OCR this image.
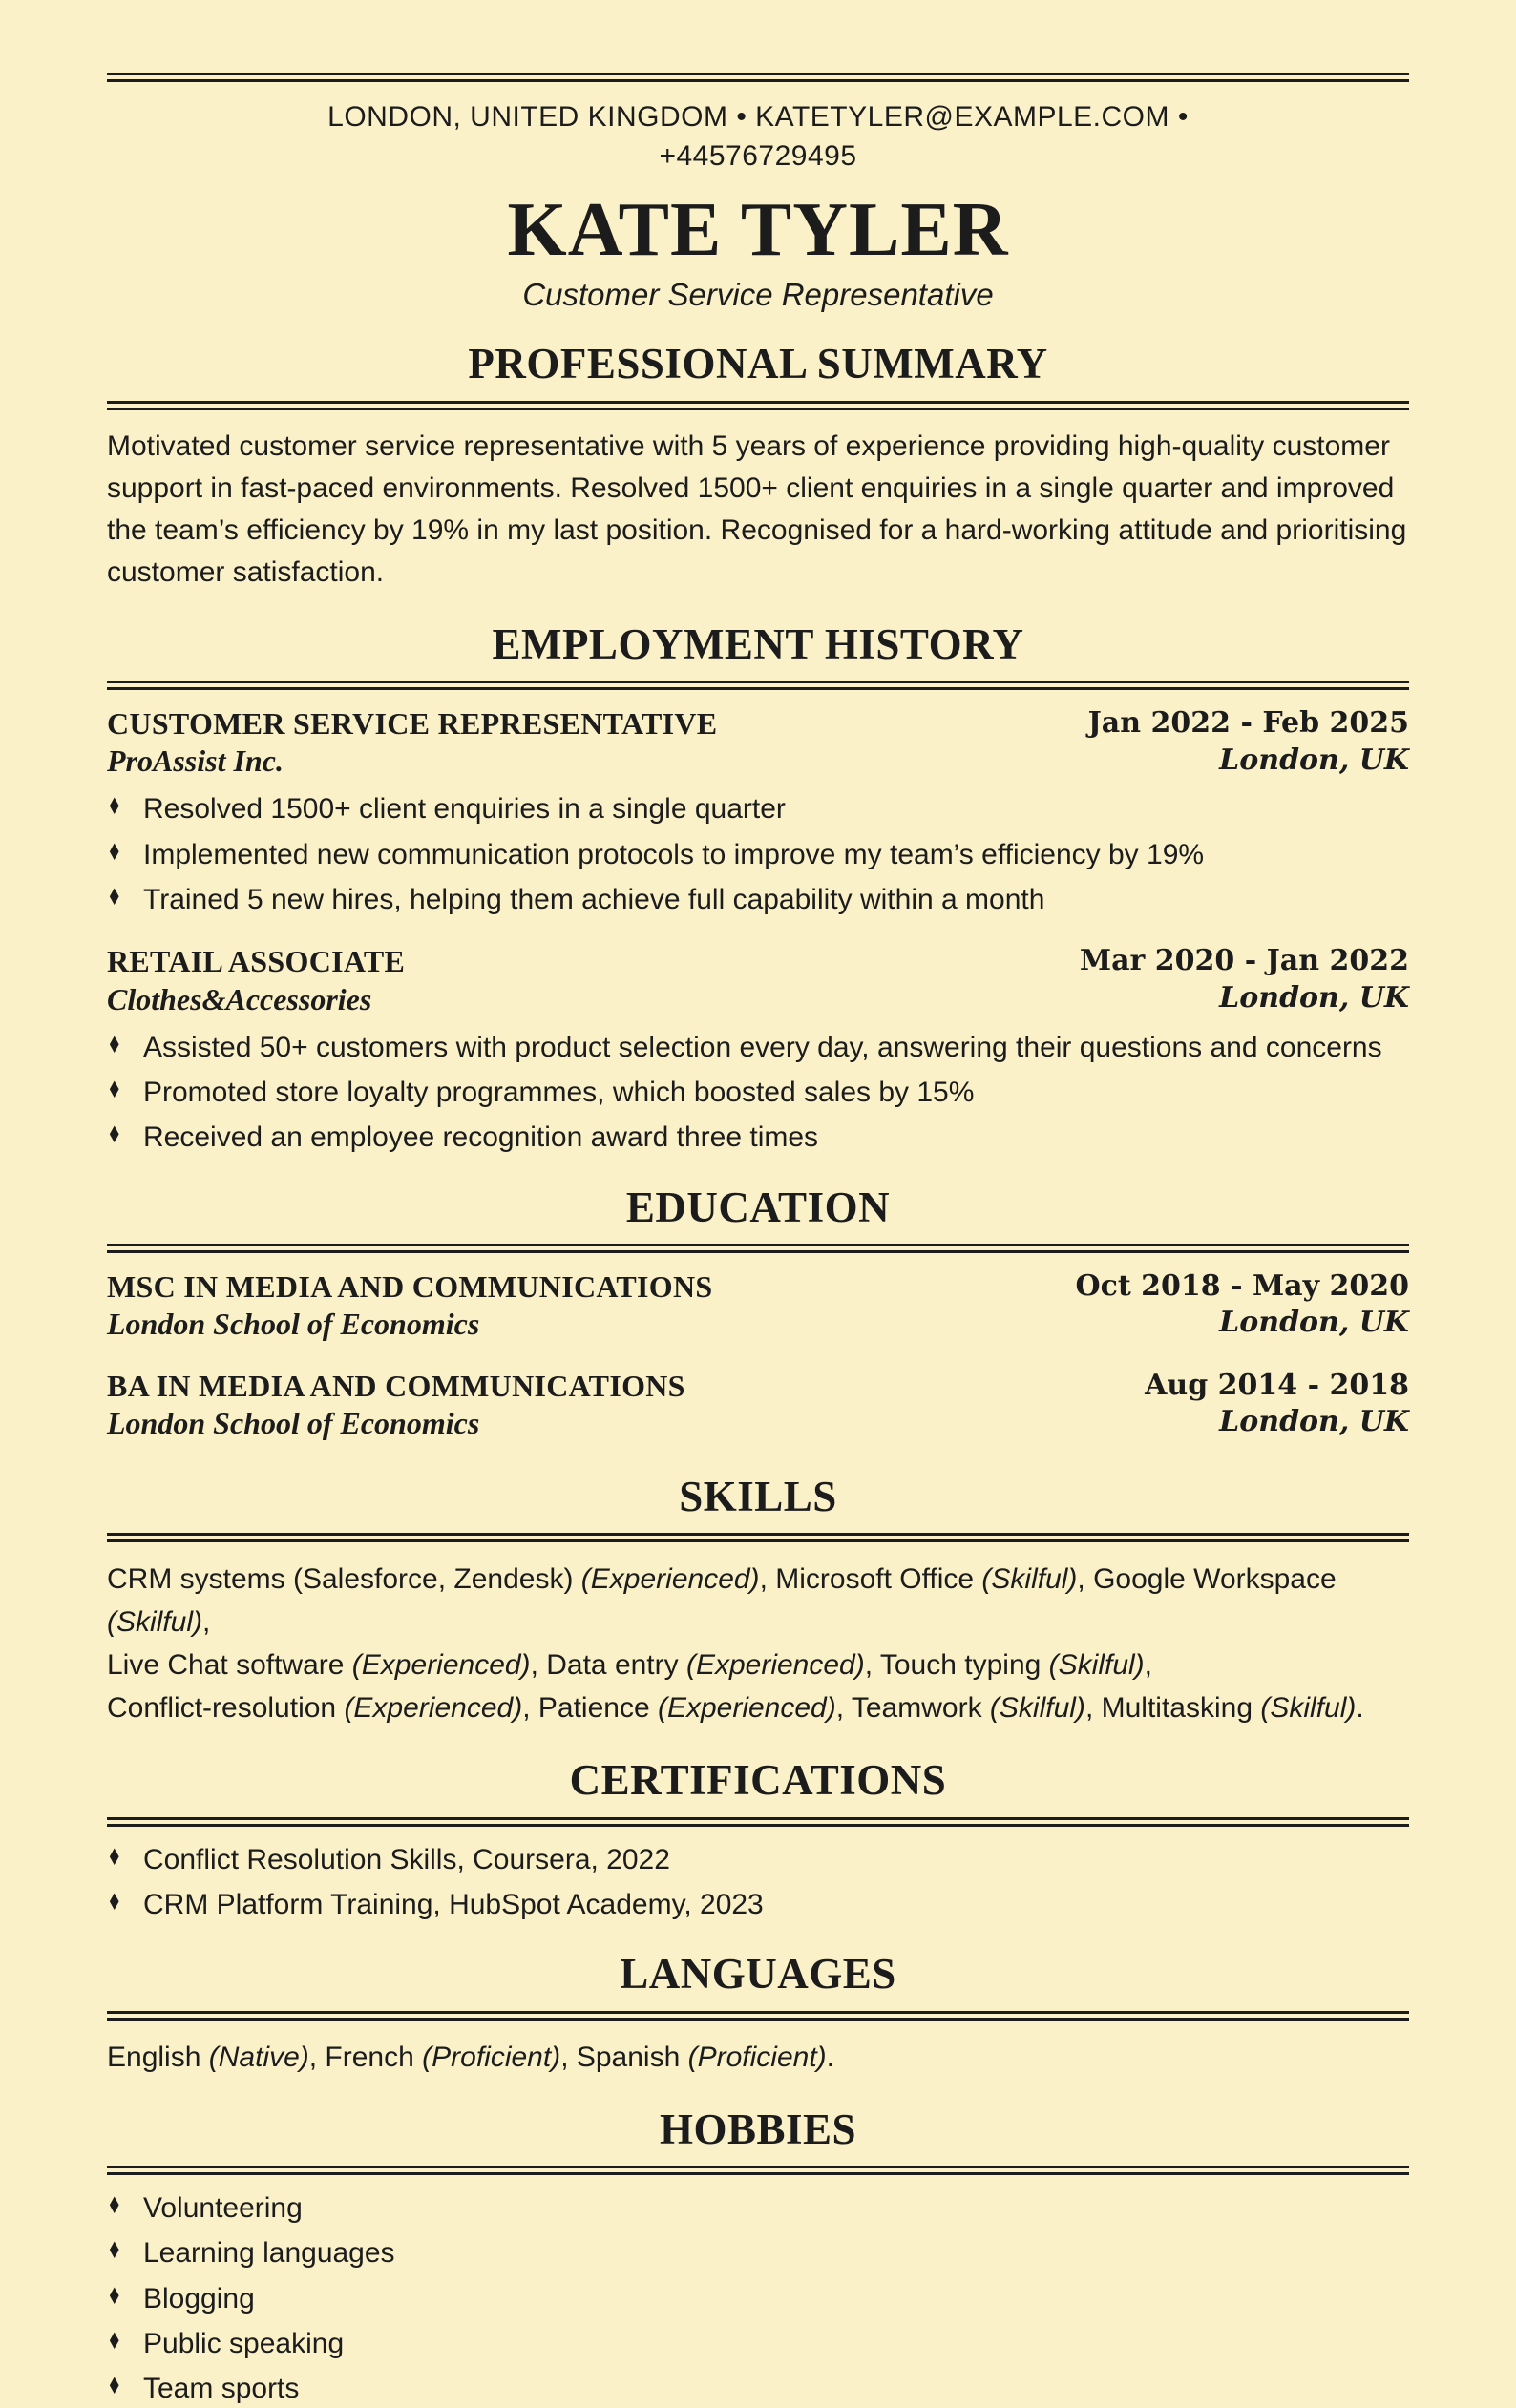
LONDON, UNITED KINGDOM • KATETYLER@EXAMPLE.COM •
+44576729495
KATE TYLER
Customer Service Representative
PROFESSIONAL SUMMARY
Motivated customer service representative with 5 years of experience providing high-quality customer support in fast-paced environments. Resolved 1500+ client enquiries in a single quarter and improved the team’s efficiency by 19% in my last position. Recognised for a hard-working attitude and prioritising customer satisfaction.
EMPLOYMENT HISTORY
CUSTOMER SERVICE REPRESENTATIVE
ProAssist Inc.
Jan 2022 - Feb 2025
London, UK
♦ Resolved 1500+ client enquiries in a single quarter
♦ Implemented new communication protocols to improve my team’s efficiency by 19%
♦ Trained 5 new hires, helping them achieve full capability within a month
RETAIL ASSOCIATE
Clothes&Accessories
Mar 2020 - Jan 2022
London, UK
♦ Assisted 50+ customers with product selection every day, answering their questions and concerns
♦ Promoted store loyalty programmes, which boosted sales by 15%
♦ Received an employee recognition award three times
EDUCATION
MSC IN MEDIA AND COMMUNICATIONS
London School of Economics
Oct 2018 - May 2020
London, UK
BA IN MEDIA AND COMMUNICATIONS
London School of Economics
Aug 2014 - 2018
London, UK
SKILLS
CRM systems (Salesforce, Zendesk) (Experienced), Microsoft Office (Skilful), Google Workspace (Skilful),
Live Chat software (Experienced), Data entry (Experienced), Touch typing (Skilful),
Conflict-resolution (Experienced), Patience (Experienced), Teamwork (Skilful), Multitasking (Skilful).
CERTIFICATIONS
♦ Conflict Resolution Skills, Coursera, 2022
♦ CRM Platform Training, HubSpot Academy, 2023
LANGUAGES
English (Native), French (Proficient), Spanish (Proficient).
HOBBIES
♦ Volunteering
♦ Learning languages
♦ Blogging
♦ Public speaking
♦ Team sports
